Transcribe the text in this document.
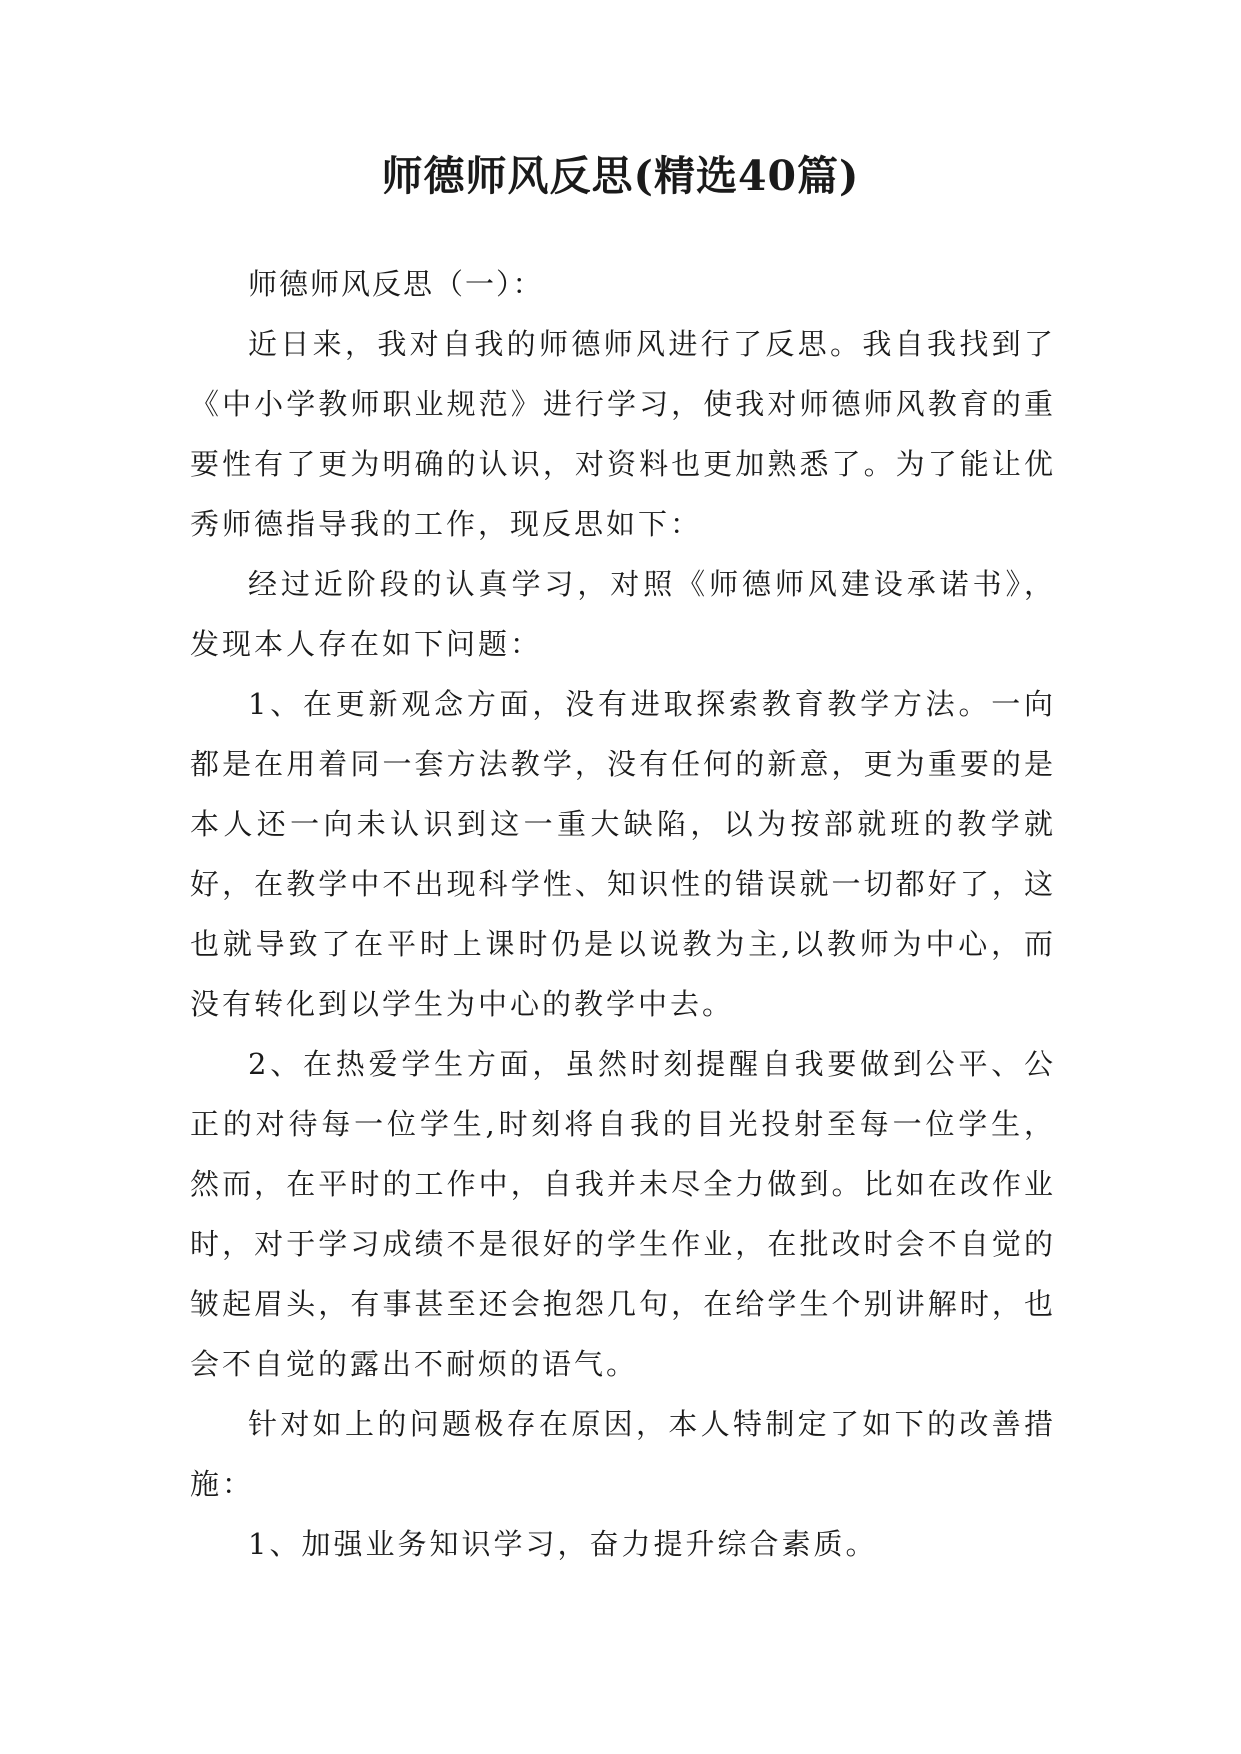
师德师风反思(精选40篇)

师德师风反思（一）：

近日来，我对自我的师德师风进行了反思。我自我找到了《中小学教师职业规范》进行学习，使我对师德师风教育的重要性有了更为明确的认识，对资料也更加熟悉了。为了能让优秀师德指导我的工作，现反思如下：

经过近阶段的认真学习，对照《师德师风建设承诺书》，发现本人存在如下问题：

1、在更新观念方面，没有进取探索教育教学方法。一向都是在用着同一套方法教学，没有任何的新意，更为重要的是本人还一向未认识到这一重大缺陷，以为按部就班的教学就好，在教学中不出现科学性、知识性的错误就一切都好了，这也就导致了在平时上课时仍是以说教为主,以教师为中心，而没有转化到以学生为中心的教学中去。

2、在热爱学生方面，虽然时刻提醒自我要做到公平、公正的对待每一位学生,时刻将自我的目光投射至每一位学生，然而，在平时的工作中，自我并未尽全力做到。比如在改作业时，对于学习成绩不是很好的学生作业，在批改时会不自觉的皱起眉头，有事甚至还会抱怨几句，在给学生个别讲解时，也会不自觉的露出不耐烦的语气。

针对如上的问题极存在原因，本人特制定了如下的改善措施：

1、加强业务知识学习，奋力提升综合素质。
